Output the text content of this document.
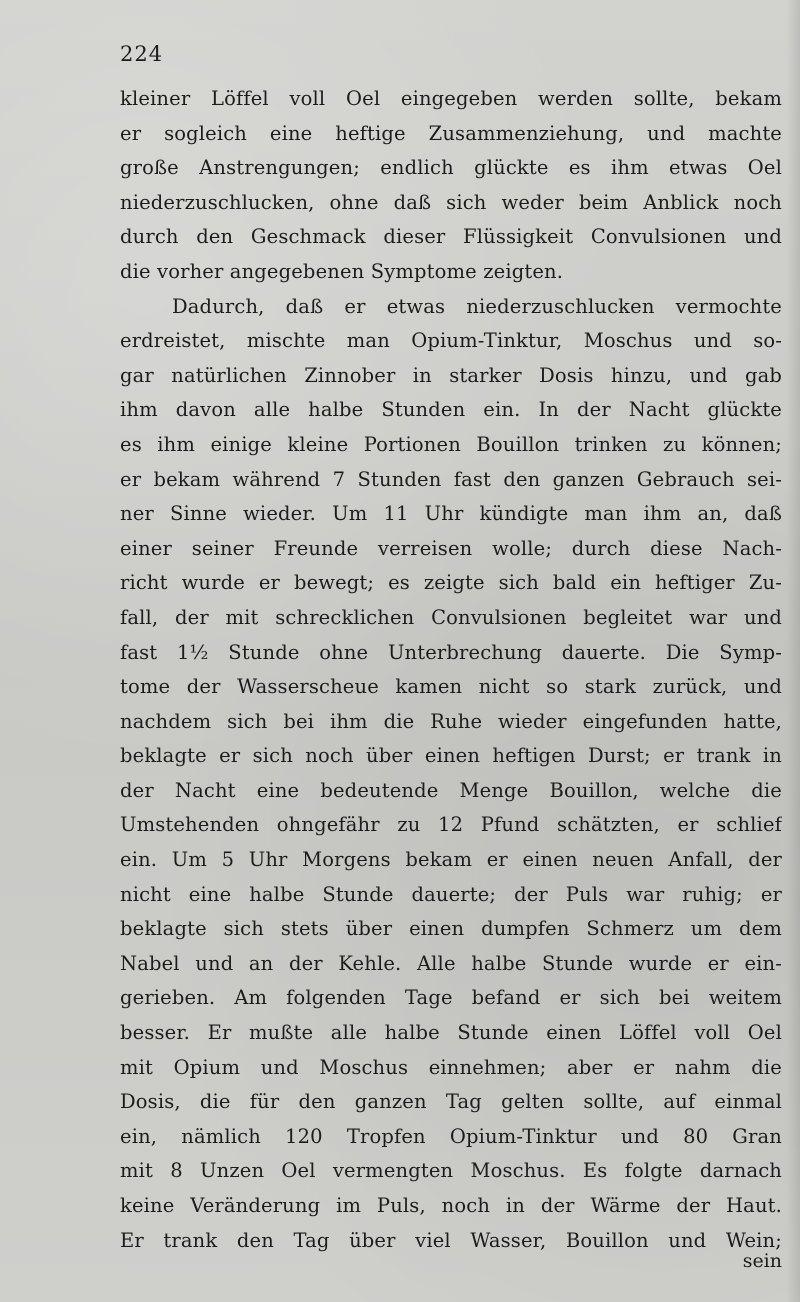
224
kleiner Löffel voll Oel eingegeben werden sollte, bekam
er sogleich eine heftige Zusammenziehung, und machte
große Anstrengungen; endlich glückte es ihm etwas Oel
niederzuschlucken, ohne daß sich weder beim Anblick noch
durch den Geschmack dieser Flüssigkeit Convulsionen und
die vorher angegebenen Symptome zeigten.
Dadurch, daß er etwas niederzuschlucken vermochte
erdreistet, mischte man Opium-Tinktur, Moschus und so-
gar natürlichen Zinnober in starker Dosis hinzu, und gab
ihm davon alle halbe Stunden ein. In der Nacht glückte
es ihm einige kleine Portionen Bouillon trinken zu können;
er bekam während 7 Stunden fast den ganzen Gebrauch sei-
ner Sinne wieder. Um 11 Uhr kündigte man ihm an, daß
einer seiner Freunde verreisen wolle; durch diese Nach-
richt wurde er bewegt; es zeigte sich bald ein heftiger Zu-
fall, der mit schrecklichen Convulsionen begleitet war und
fast 1½ Stunde ohne Unterbrechung dauerte. Die Symp-
tome der Wasserscheue kamen nicht so stark zurück, und
nachdem sich bei ihm die Ruhe wieder eingefunden hatte,
beklagte er sich noch über einen heftigen Durst; er trank in
der Nacht eine bedeutende Menge Bouillon, welche die
Umstehenden ohngefähr zu 12 Pfund schätzten, er schlief
ein. Um 5 Uhr Morgens bekam er einen neuen Anfall, der
nicht eine halbe Stunde dauerte; der Puls war ruhig; er
beklagte sich stets über einen dumpfen Schmerz um dem
Nabel und an der Kehle. Alle halbe Stunde wurde er ein-
gerieben. Am folgenden Tage befand er sich bei weitem
besser. Er mußte alle halbe Stunde einen Löffel voll Oel
mit Opium und Moschus einnehmen; aber er nahm die
Dosis, die für den ganzen Tag gelten sollte, auf einmal
ein, nämlich 120 Tropfen Opium-Tinktur und 80 Gran
mit 8 Unzen Oel vermengten Moschus. Es folgte darnach
keine Veränderung im Puls, noch in der Wärme der Haut.
Er trank den Tag über viel Wasser, Bouillon und Wein;
sein
